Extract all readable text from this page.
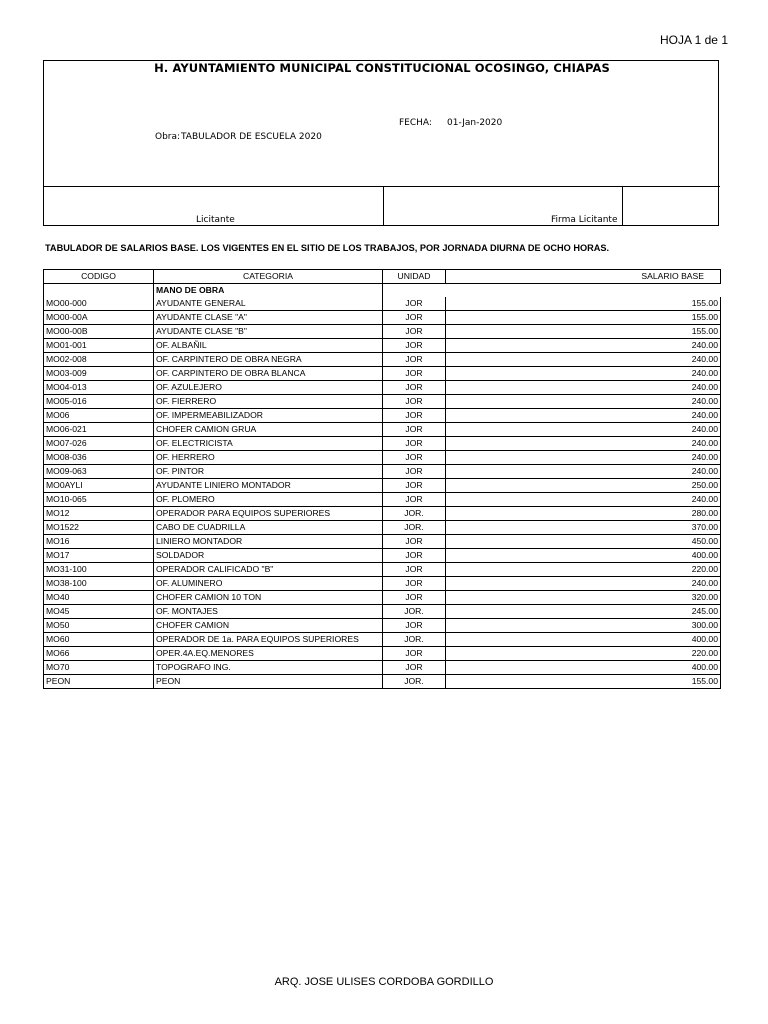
HOJA 1 de 1
H. AYUNTAMIENTO MUNICIPAL CONSTITUCIONAL OCOSINGO, CHIAPAS
FECHA: 01-Jan-2020
Obra: TABULADOR DE ESCUELA 2020
Licitante	Firma Licitante
TABULADOR DE SALARIOS BASE. LOS VIGENTES EN EL SITIO DE LOS TRABAJOS, POR JORNADA DIURNA DE OCHO HORAS.
CODIGO	CATEGORIA	UNIDAD	SALARIO BASE
	MANO DE OBRA		
MO00-000	AYUDANTE GENERAL	JOR	155.00

MO00-00A	AYUDANTE CLASE "A"	JOR	155.00

MO00-00B	AYUDANTE CLASE "B"	JOR	155.00

MO01-001	OF. ALBAÑIL	JOR	240.00

MO02-008	OF. CARPINTERO DE OBRA NEGRA	JOR	240.00

MO03-009	OF. CARPINTERO DE OBRA BLANCA	JOR	240.00

MO04-013	OF. AZULEJERO	JOR	240.00

MO05-016	OF. FIERRERO	JOR	240.00

MO06	OF. IMPERMEABILIZADOR	JOR	240.00

MO06-021	CHOFER CAMION GRUA	JOR	240.00

MO07-026	OF. ELECTRICISTA	JOR	240.00

MO08-036	OF. HERRERO	JOR	240.00

MO09-063	OF. PINTOR	JOR	240.00

MO0AYLI	AYUDANTE LINIERO MONTADOR	JOR	250.00

MO10-065	OF. PLOMERO	JOR	240.00

MO12	OPERADOR PARA EQUIPOS SUPERIORES	JOR.	280.00

MO1522	CABO DE CUADRILLA	JOR.	370.00

MO16	LINIERO MONTADOR	JOR	450.00

MO17	SOLDADOR	JOR	400.00

MO31-100	OPERADOR CALIFICADO "B"	JOR	220.00

MO38-100	OF. ALUMINERO	JOR	240.00

MO40	CHOFER CAMION 10 TON	JOR	320.00

MO45	OF. MONTAJES	JOR.	245.00

MO50	CHOFER CAMION	JOR	300.00

MO60	OPERADOR DE 1a. PARA EQUIPOS SUPERIORES	JOR.	400.00

MO66	OPER.4A.EQ.MENORES	JOR	220.00

MO70	TOPOGRAFO ING.	JOR	400.00

PEON	PEON	JOR.	155.00
ARQ. JOSE ULISES CORDOBA GORDILLO
